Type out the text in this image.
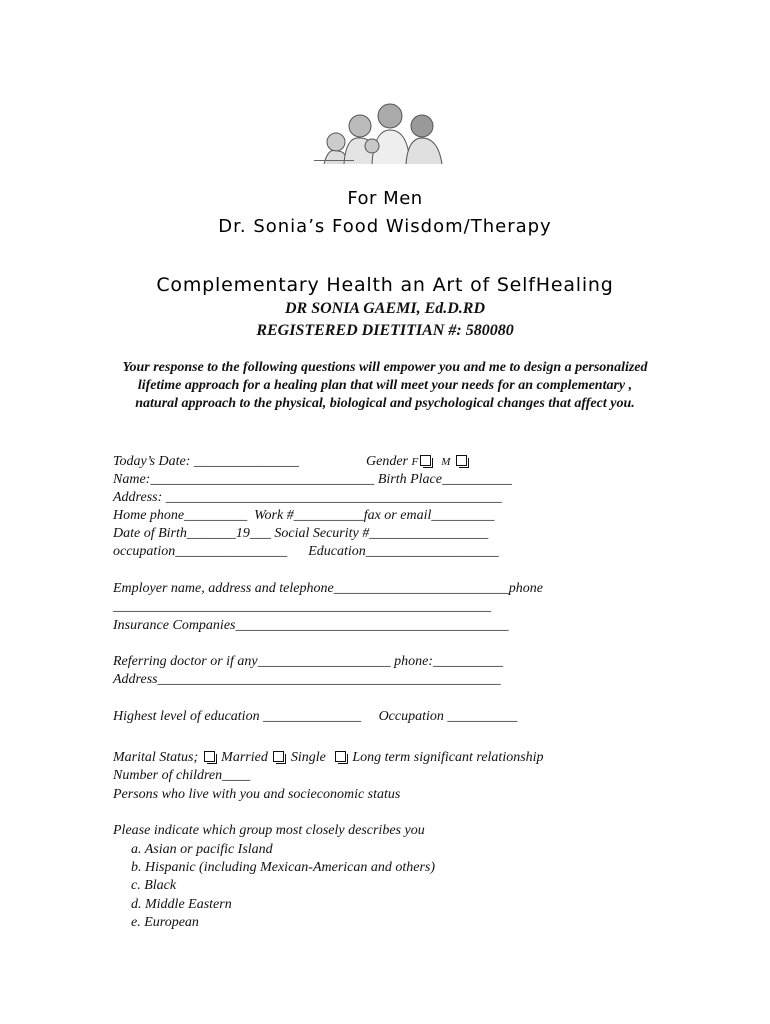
For Men
Dr. Sonia’s Food Wisdom/Therapy
Complementary Health an Art of SelfHealing
DR SONIA GAEMI, Ed.D.RD
REGISTERED DIETITIAN #: 580080
Your response to the following questions will empower you and me to design a personalized lifetime approach for a healing plan that will meet your needs for an complementary , natural approach to the physical, biological and psychological changes that affect you.
Today’s Date: _______________	Gender F M
Name:________________________________ Birth Place__________
Address: ________________________________________________
Home phone_________  Work #__________fax or email_________
Date of Birth_______19___ Social Security #_________________
occupation________________      Education___________________
Employer name, address and telephone_________________________phone
______________________________________________________
Insurance Companies_______________________________________
Referring doctor or if any___________________ phone:__________
Address_________________________________________________
Highest level of education ______________     Occupation __________
Marital Status; Married Single Long term significant relationship
Number of children____
Persons who live with you and socieconomic status
Please indicate which group most closely describes you
a. Asian or pacific Island
b. Hispanic (including Mexican-American and others)
c. Black
d. Middle Eastern
e. European
